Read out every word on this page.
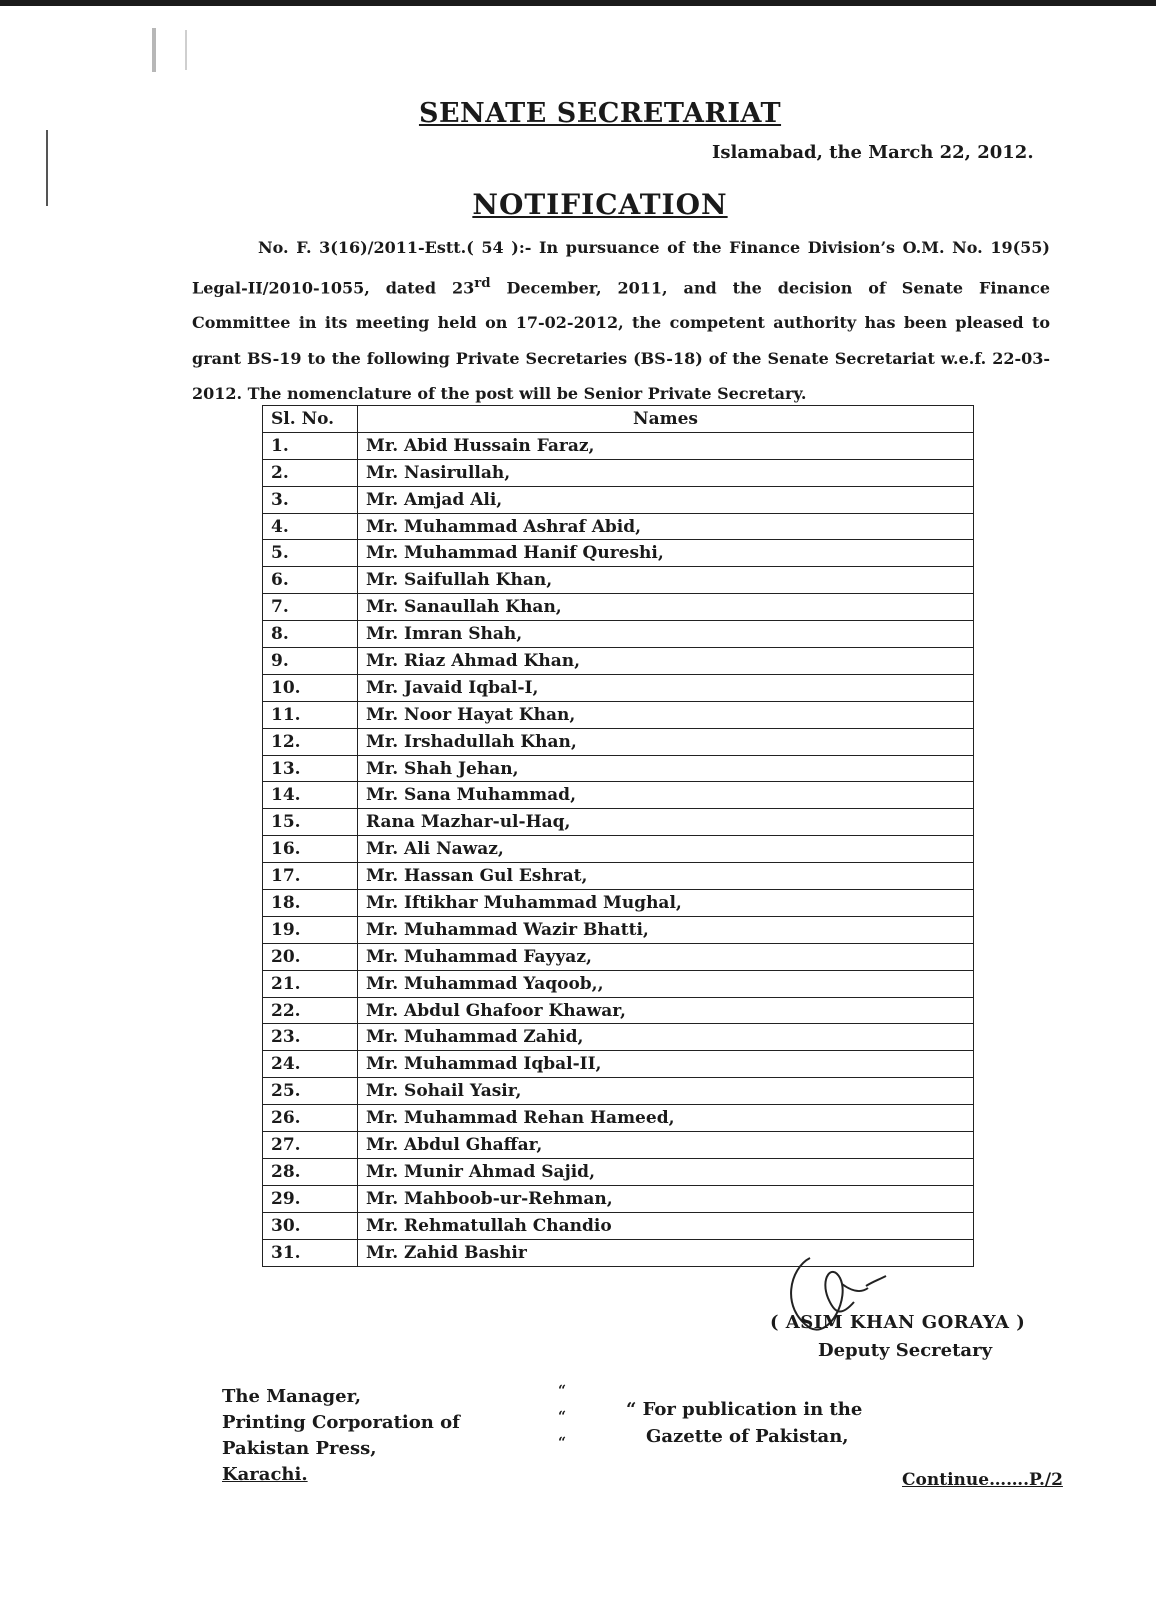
SENATE SECRETARIAT
Islamabad, the March 22, 2012.
NOTIFICATION
No. F. 3(16)/2011-Estt.( 54 ):- In pursuance of the Finance Division’s O.M. No. 19(55) Legal-II/2010-1055, dated 23rd December, 2011, and the decision of Senate Finance Committee in its meeting held on 17-02-2012, the competent authority has been pleased to grant BS-19 to the following Private Secretaries (BS-18) of the Senate Secretariat w.e.f. 22-03-2012. The nomenclature of the post will be Senior Private Secretary.
Sl. No.	Names
1.	Mr. Abid Hussain Faraz,
2.	Mr. Nasirullah,
3.	Mr. Amjad Ali,
4.	Mr. Muhammad Ashraf Abid,
5.	Mr. Muhammad Hanif Qureshi,
6.	Mr. Saifullah Khan,
7.	Mr. Sanaullah Khan,
8.	Mr. Imran Shah,
9.	Mr. Riaz Ahmad Khan,
10.	Mr. Javaid Iqbal-I,
11.	Mr. Noor Hayat Khan,
12.	Mr. Irshadullah Khan,
13.	Mr. Shah Jehan,
14.	Mr. Sana Muhammad,
15.	Rana Mazhar-ul-Haq,
16.	Mr. Ali Nawaz,
17.	Mr. Hassan Gul Eshrat,
18.	Mr. Iftikhar Muhammad Mughal,
19.	Mr. Muhammad Wazir Bhatti,
20.	Mr. Muhammad Fayyaz,
21.	Mr. Muhammad Yaqoob,,
22.	Mr. Abdul Ghafoor Khawar,
23.	Mr. Muhammad Zahid,
24.	Mr. Muhammad Iqbal-II,
25.	Mr. Sohail Yasir,
26.	Mr. Muhammad Rehan Hameed,
27.	Mr. Abdul Ghaffar,
28.	Mr. Munir Ahmad Sajid,
29.	Mr. Mahboob-ur-Rehman,
30.	Mr. Rehmatullah Chandio
31.	Mr. Zahid Bashir
( ASIM KHAN GORAYA )
Deputy Secretary
The Manager,
Printing Corporation of
Pakistan Press,
Karachi.
“
“
“
“ For publication in the
Gazette of Pakistan,
Continue…….P./2
